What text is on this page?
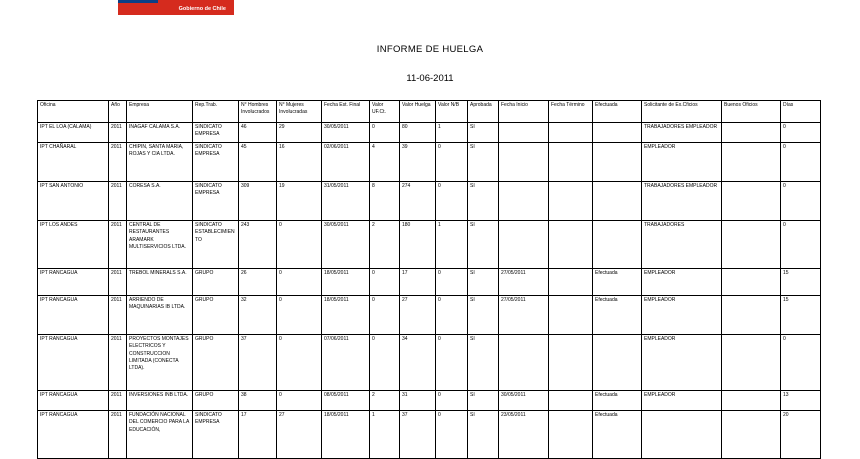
Gobierno de Chile
INFORME DE HUELGA
11-06-2011
Oficina	Año	Empresa	Rep.Trab.	N° Hombres Involucrados	N° Mujeres Involucradas	Fecha Est. Final	Valor UF.Ct.	Valor Huelga	Valor N/B	Aprobada	Fecha Inicio	Fecha Término	Efectuada	Solicitante de Ex.Cficios	Buenos Oficios	Días
IPT EL LOA (CALAMA)	2011	INAGAF CALAMA S.A.	SINDICATO EMPRESA	46	29	30/05/2011	0	80	1	SI				TRABAJADORES EMPLEADOR		0
IPT CHAÑARAL	2011	CHIPIN, SANTA MARIA, ROJAS Y CIA LTDA.	SINDICATO EMPRESA	45	16	02/06/2011	4	39	0	SI				EMPLEADOR		0
IPT SAN ANTONIO	2011	CORESA S.A.	SINDICATO EMPRESA	309	19	31/05/2011	8	274	0	SI				TRABAJADORES EMPLEADOR		0
IPT LOS ANDES	2011	CENTRAL DE RESTAURANTES ARAMARK MULTISERVICIOS LTDA.	SINDICATO ESTABLECIMIENTO	243	0	30/05/2011	2	180	1	SI				TRABAJADORES		0
IPT RANCAGUA	2011	TREBOL MINERALS S.A.	GRUPO	26	0	18/05/2011	0	17	0	SI	27/05/2011		Efectuada	EMPLEADOR		15
IPT RANCAGUA	2011	ARRIENDO DE MAQUINARIAS IB LTDA.	GRUPO	32	0	18/05/2011	0	27	0	SI	27/05/2011		Efectuada	EMPLEADOR		15
IPT RANCAGUA	2011	PROYECTOS MONTAJES ELECTRICOS Y CONSTRUCCION LIMITADA (CONECTA LTDA).	GRUPO	37	0	07/06/2011	0	34	0	SI				EMPLEADOR		0
IPT RANCAGUA	2011	INVERSIONES INB LTDA.	GRUPO	38	0	08/05/2011	2	31	0	SI	30/05/2011		Efectuada	EMPLEADOR		13
IPT RANCAGUA	2011	FUNDACIÓN NACIONAL DEL COMERCIO PARA LA EDUCACIÓN,	SINDICATO EMPRESA	17	27	18/05/2011	1	37	0	SI	23/05/2011		Efectuada			20
